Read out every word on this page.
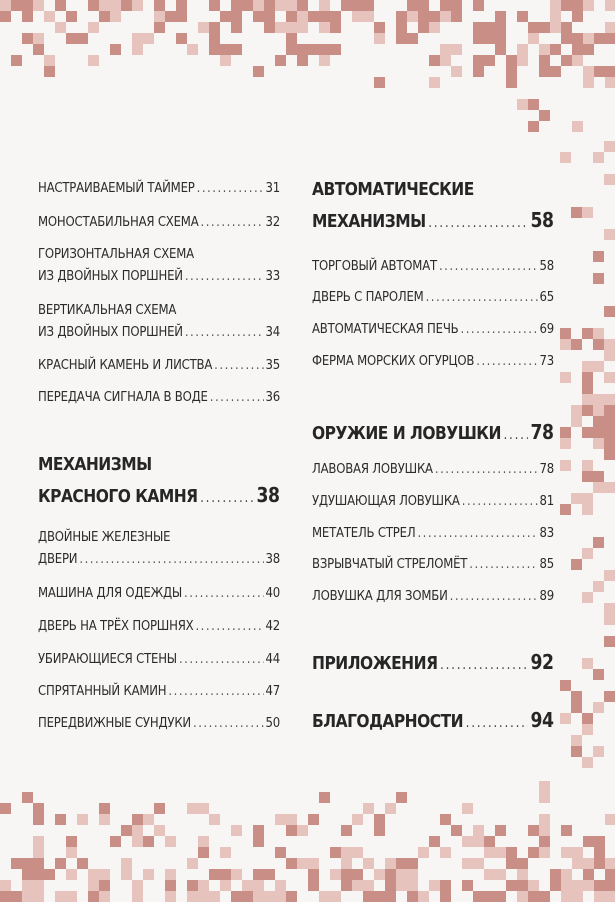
НАСТРАИВАЕМЫЙ ТАЙМЕР .....	31
МОНОСТАБИЛЬНАЯ СХЕМА .....	32
ГОРИЗОНТАЛЬНАЯ СХЕМА
ИЗ ДВОЙНЫХ ПОРШНЕЙ .....	33
ВЕРТИКАЛЬНАЯ СХЕМА
ИЗ ДВОЙНЫХ ПОРШНЕЙ .....	34
КРАСНЫЙ КАМЕНЬ И ЛИСТВА .....	35
ПЕРЕДАЧА СИГНАЛА В ВОДЕ .....	36
МЕХАНИЗМЫ
КРАСНОГО КАМНЯ .....	38
ДВОЙНЫЕ ЖЕЛЕЗНЫЕ
ДВЕРИ .....	38
МАШИНА ДЛЯ ОДЕЖДЫ .....	40
ДВЕРЬ НА ТРЁХ ПОРШНЯХ .....	42
УБИРАЮЩИЕСЯ СТЕНЫ .....	44
СПРЯТАННЫЙ КАМИН .....	47
ПЕРЕДВИЖНЫЕ СУНДУКИ .....	50
АВТОМАТИЧЕСКИЕ
МЕХАНИЗМЫ .....	58
ТОРГОВЫЙ АВТОМАТ .....	58
ДВЕРЬ С ПАРОЛЕМ .....	65
АВТОМАТИЧЕСКАЯ ПЕЧЬ .....	69
ФЕРМА МОРСКИХ ОГУРЦОВ .....	73
ОРУЖИЕ И ЛОВУШКИ ..... 78
ЛАВОВАЯ ЛОВУШКА .....	78
УДУШАЮЩАЯ ЛОВУШКА .....	81
МЕТАТЕЛЬ СТРЕЛ .....	83
ВЗРЫВЧАТЫЙ СТРЕЛОМЁТ .....	85
ЛОВУШКА ДЛЯ ЗОМБИ .....	89
ПРИЛОЖЕНИЯ .....	92
БЛАГОДАРНОСТИ .....	94
